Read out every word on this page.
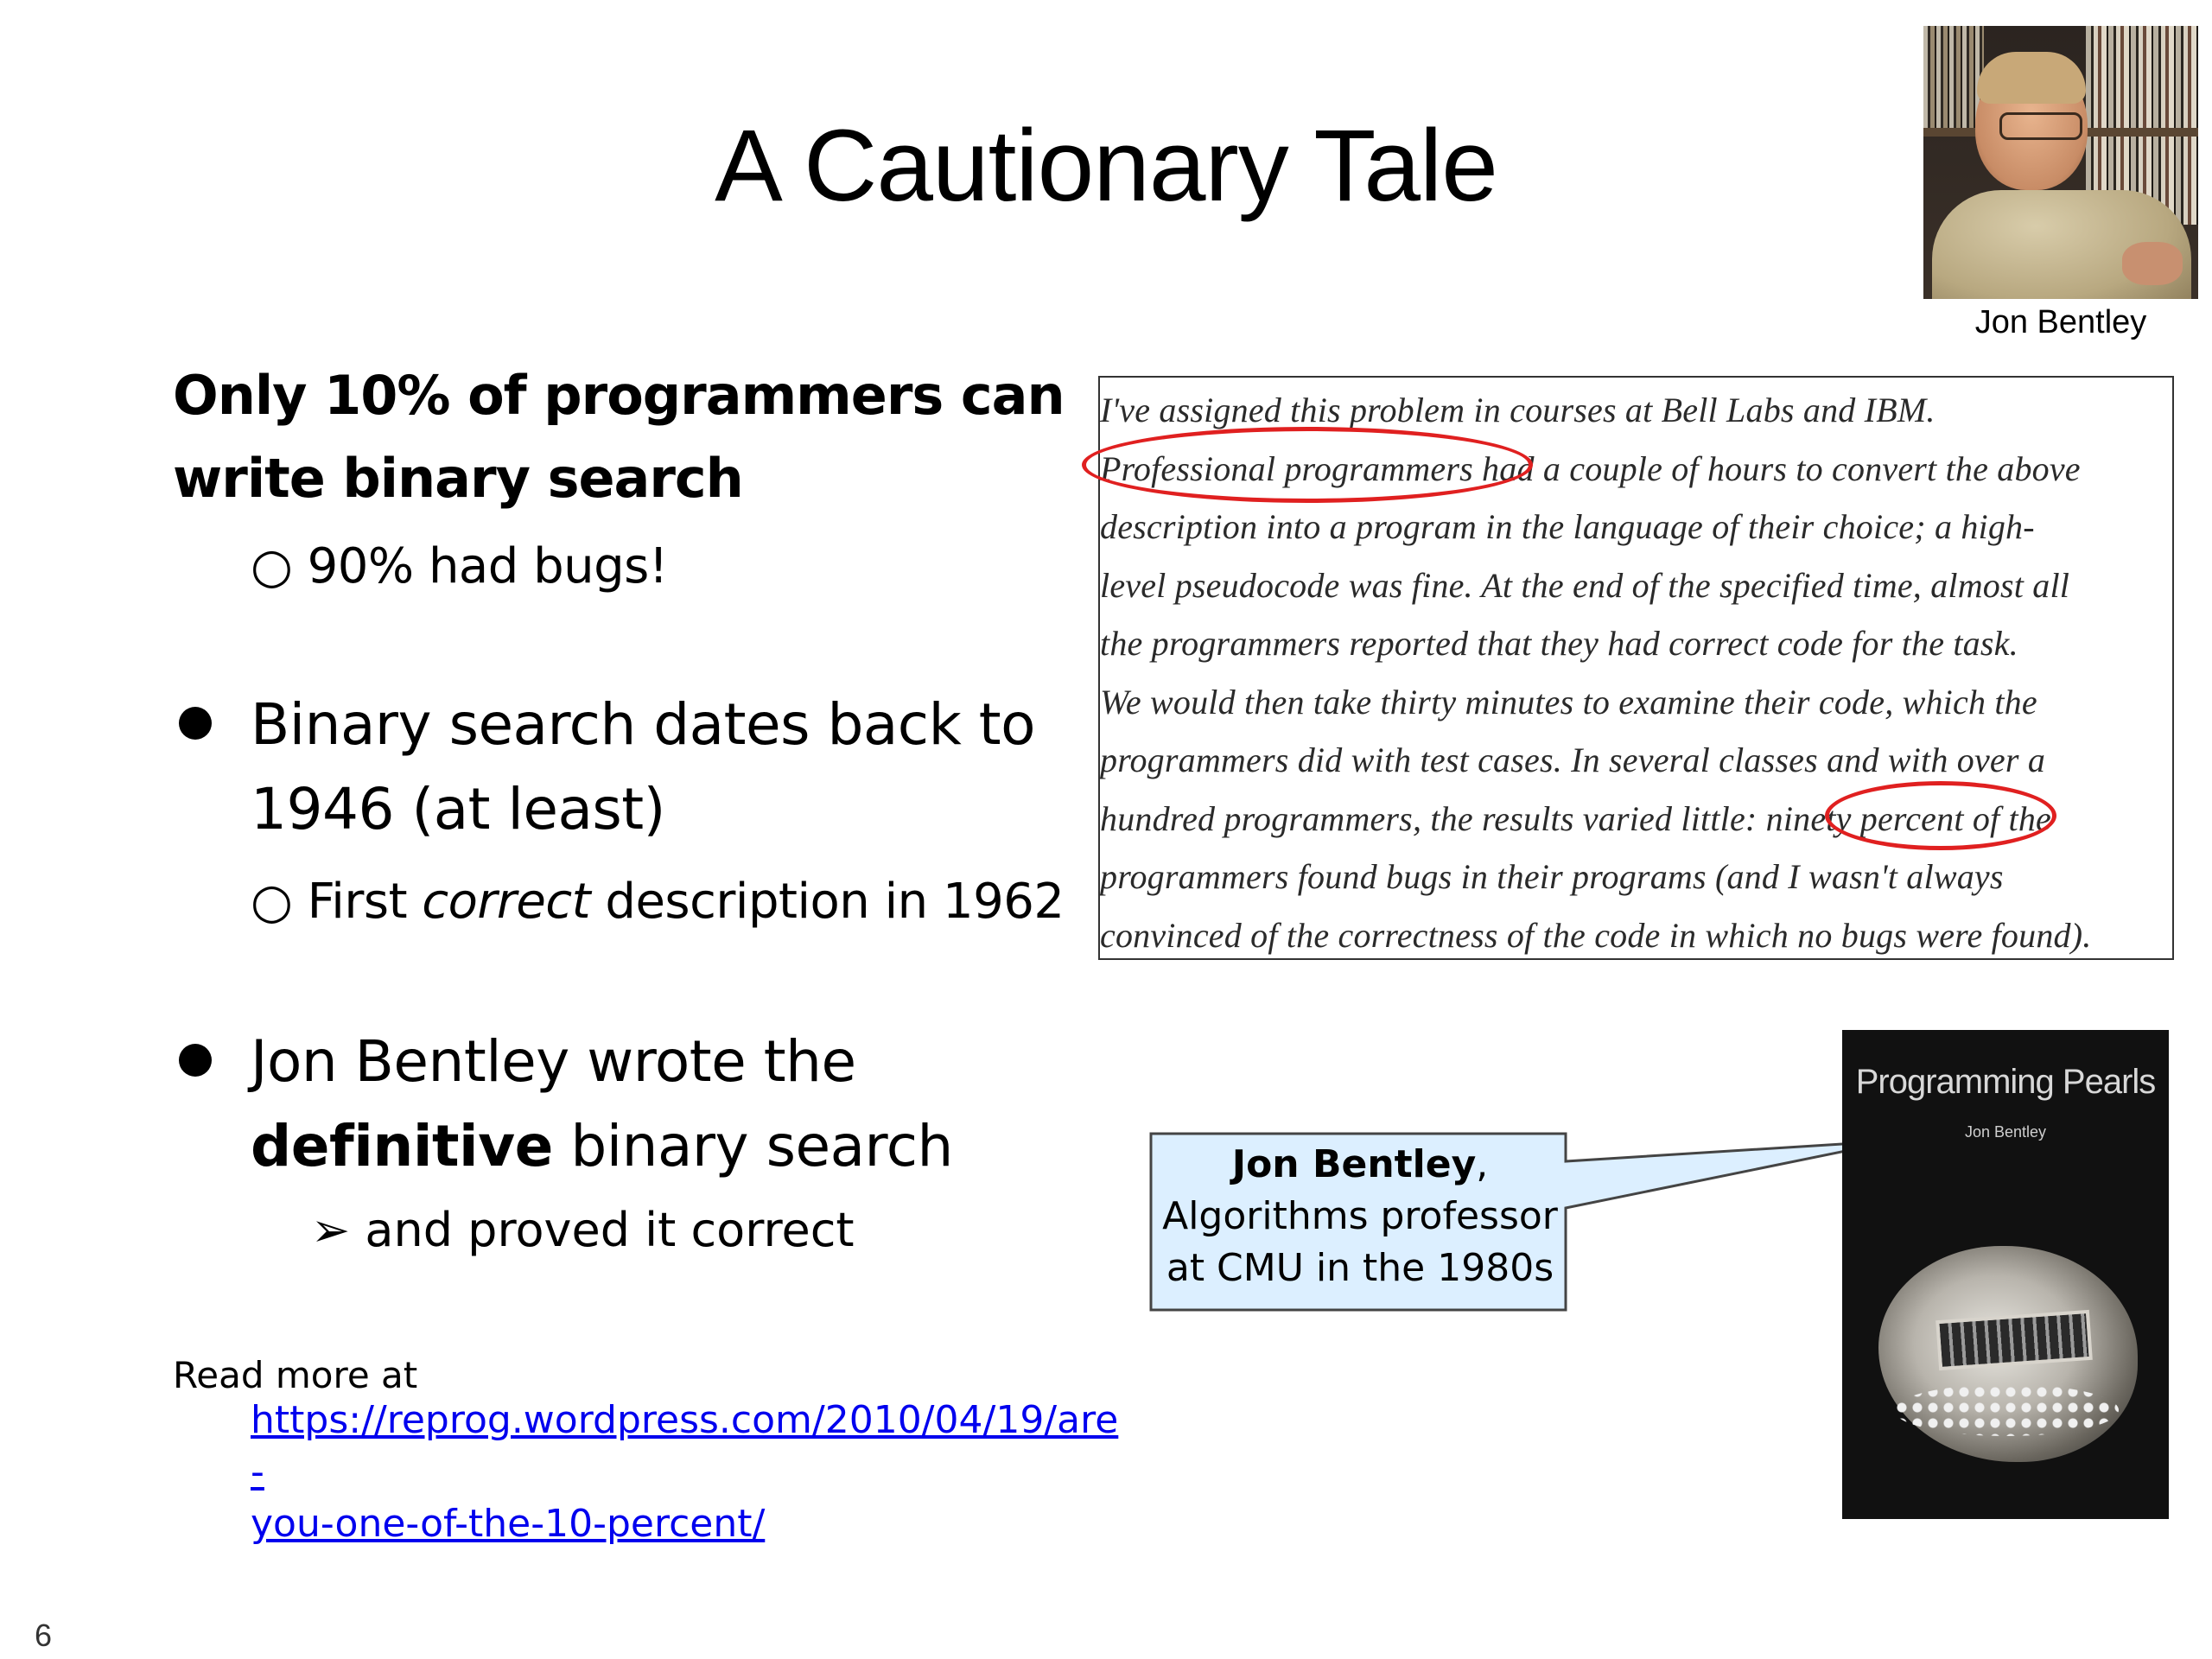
A Cautionary Tale
Jon Bentley
Only 10% of programmers can
write binary search
○ 90% had bugs!
Binary search dates back to
1946 (at least)
○ First correct description in 1962
Jon Bentley wrote the
definitive binary search
➢ and proved it correct
Read more at
https://reprog.wordpress.com/2010/04/19/are-
you-one-of-the-10-percent/
I've assigned this problem in courses at Bell Labs and IBM.
Professional programmers had a couple of hours to convert the above
description into a program in the language of their choice; a high-
level pseudocode was fine. At the end of the specified time, almost all
the programmers reported that they had correct code for the task.
We would then take thirty minutes to examine their code, which the
programmers did with test cases. In several classes and with over a
hundred programmers, the results varied little: ninety percent of the
programmers found bugs in their programs (and I wasn't always
convinced of the correctness of the code in which no bugs were found).
Jon Bentley,
Algorithms professor
at CMU in the 1980s
Programming Pearls
Jon Bentley
6
